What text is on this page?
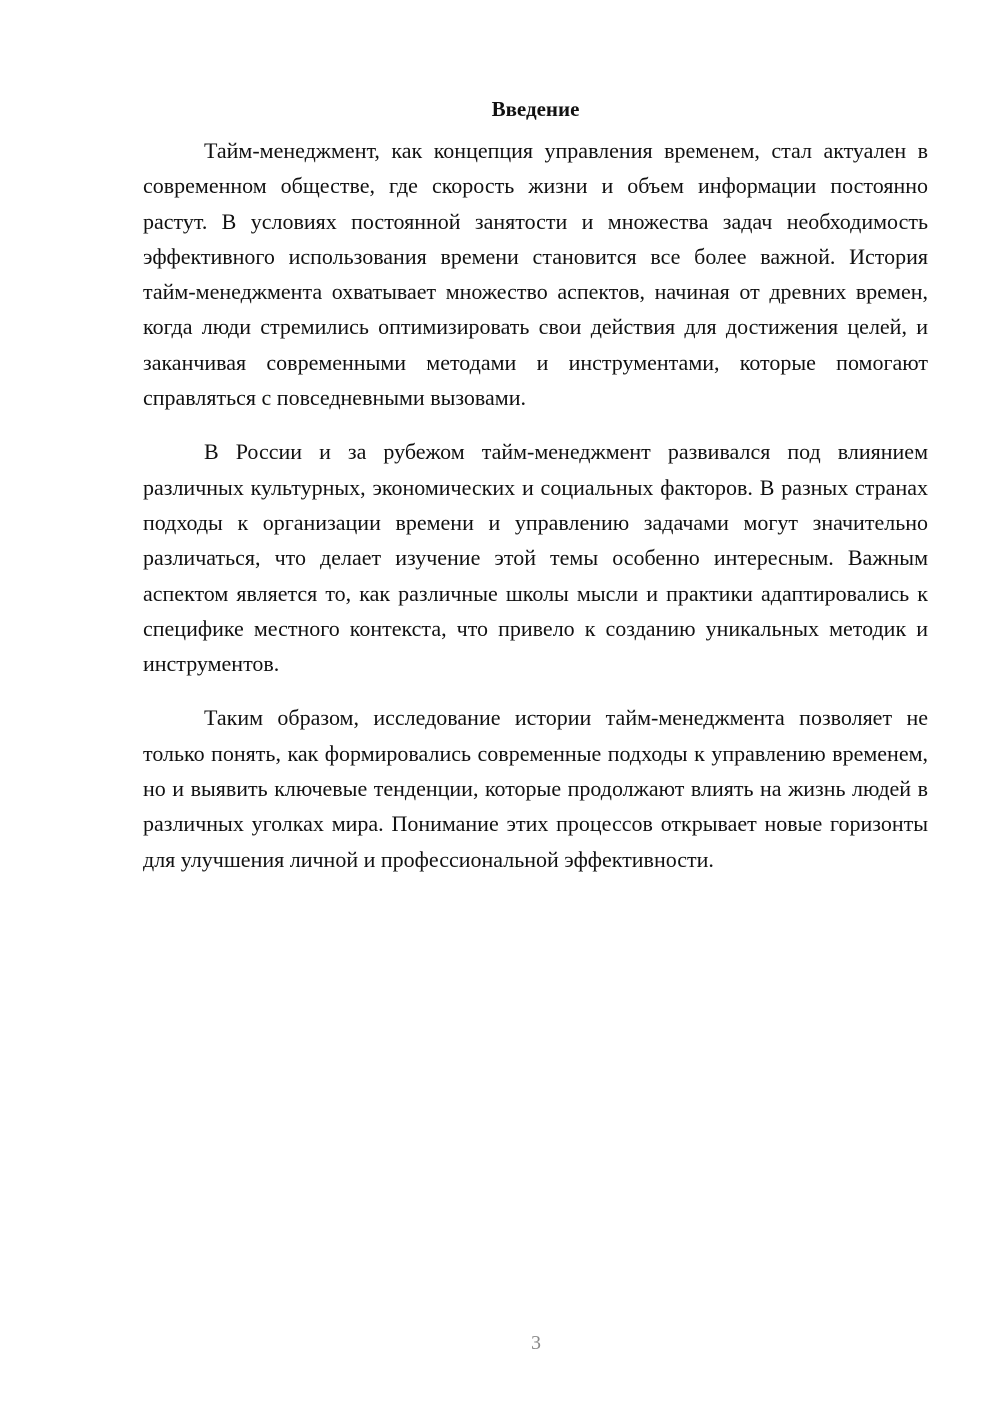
Введение

Тайм-менеджмент, как концепция управления временем, стал актуален в современном обществе, где скорость жизни и объем информации постоянно растут. В условиях постоянной занятости и множества задач необходимость эффективного использования времени становится все более важной. История тайм-менеджмента охватывает множество аспектов, начиная от древних времен, когда люди стремились оптимизировать свои действия для достижения целей, и заканчивая современными методами и инструментами, которые помогают справляться с повседневными вызовами.

В России и за рубежом тайм-менеджмент развивался под влиянием различных культурных, экономических и социальных факторов. В разных странах подходы к организации времени и управлению задачами могут значительно различаться, что делает изучение этой темы особенно интересным. Важным аспектом является то, как различные школы мысли и практики адаптировались к специфике местного контекста, что привело к созданию уникальных методик и инструментов.

Таким образом, исследование истории тайм-менеджмента позволяет не только понять, как формировались современные подходы к управлению временем, но и выявить ключевые тенденции, которые продолжают влиять на жизнь людей в различных уголках мира. Понимание этих процессов открывает новые горизонты для улучшения личной и профессиональной эффективности.

3
